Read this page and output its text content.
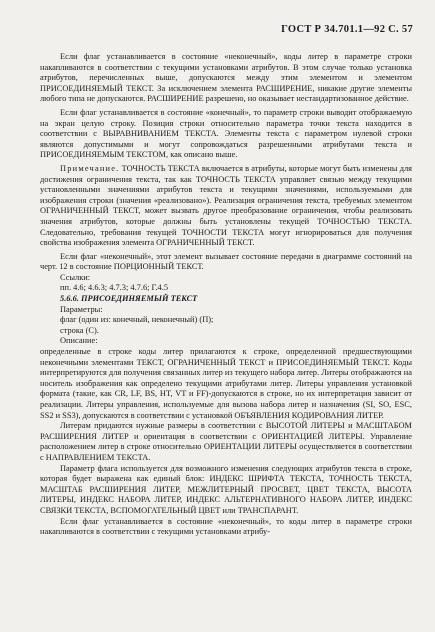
ГОСТ Р 34.701.1—92 С. 57

Если флаг устанавливается в состояние «неконечный», коды литер в параметре строки накапливаются в соответствии с текущими установками атрибутов. В этом случае только установка атрибутов, перечисленных выше, допускаются между этим элементом и элементом ПРИСОЕДИНЯЕМЫЙ ТЕКСТ. За исключением элемента РАСШИРЕНИЕ, никакие другие элементы любого типа не допускаются. РАСШИРЕНИЕ разрешено, но оказывает нестандартизованное действие.

Если флаг устанавливается в состояние «конечный», то параметр строки выводит отображаемую на экран целую строку. Позиция строки относительно параметра точки текста находится в соответствии с ВЫРАВНИВАНИЕМ ТЕКСТА. Элементы текста с параметром нулевой строки являются допустимыми и могут сопровождаться разрешенными атрибутами текста и ПРИСОЕДИНЯЕМЫМ ТЕКСТОМ, как описано выше.

Примечание. ТОЧНОСТЬ ТЕКСТА включается в атрибуты, которые могут быть изменены для достижения ограничения текста, так как ТОЧНОСТЬ ТЕКСТА управляет связью между текущими установленными значениями атрибутов текста и текущими значениями, используемыми для изображения строки (значения «реализовано»). Реализация ограничения текста, требуемых элементом ОГРАНИЧЕННЫЙ ТЕКСТ, может вызвать другое преобразование ограничения, чтобы реализовать значения атрибутов, которые должны быть установлены текущей ТОЧНОСТЬЮ ТЕКСТА. Следовательно, требования текущей ТОЧНОСТИ ТЕКСТА могут игнорироваться для получения свойства изображения элемента ОГРАНИЧЕННЫЙ ТЕКСТ.

Если флаг «неконечный», этот элемент вызывает состояние передачи в диаграмме состояний на черт. 12 в состояние ПОРЦИОННЫЙ ТЕКСТ.

Ссылки:

пп. 4.6; 4.6.3; 4.7.3; 4.7.6; Г.4.5

5.6.6. ПРИСОЕДИНЯЕМЫЙ ТЕКСТ

Параметры:

флаг (один из: конечный, неконечный) (П);

строка (С).

Описание:

определенные в строке коды литер прилагаются к строке, определенной предшествующими неконечными элементами ТЕКСТ, ОГРАНИЧЕННЫЙ ТЕКСТ и ПРИСОЕДИНЯЕМЫЙ ТЕКСТ. Коды интерпретируются для получения связанных литер из текущего набора литер. Литеры отображаются на носитель изображения как определено текущими атрибутами литер. Литеры управления установкой формата (такие, как CR, LF, BS, HT, VT и FF)-допускаются в строке, но их интерпретация зависит от реализации. Литеры управления, используемые для вызова набора литер и назначения (SI, SO, ESC, SS2 и SS3), допускаются в соответствии с установкой ОБЪЯВЛЕНИЯ КОДИРОВАНИЯ ЛИТЕР.

Литерам придаются нужные размеры в соответствии с ВЫСОТОЙ ЛИТЕРЫ и МАСШТАБОМ РАСШИРЕНИЯ ЛИТЕР и ориентация в соответствии с ОРИЕНТАЦИЕЙ ЛИТЕРЫ. Управление расположением литер в строке относительно ОРИЕНТАЦИИ ЛИТЕРЫ осуществляется в соответствии с НАПРАВЛЕНИЕМ ТЕКСТА.

Параметр флага используется для возможного изменения следующих атрибутов текста в строке, которая будет выражена как единый блок: ИНДЕКС ШРИФТА ТЕКСТА, ТОЧНОСТЬ ТЕКСТА, МАСШТАБ РАСШИРЕНИЯ ЛИТЕР, МЕЖЛИТЕРНЫЙ ПРОСВЕТ, ЦВЕТ ТЕКСТА, ВЫСОТА ЛИТЕРЫ, ИНДЕКС НАБОРА ЛИТЕР, ИНДЕКС АЛЬТЕРНАТИВНОГО НАБОРА ЛИТЕР, ИНДЕКС СВЯЗКИ ТЕКСТА, ВСПОМОГАТЕЛЬНЫЙ ЦВЕТ или ТРАНСПАРАНТ.

Если флаг устанавливается в состояние «неконечный», то коды литер в параметре строки накапливаются в соответствии с текущими установками атрибу-
